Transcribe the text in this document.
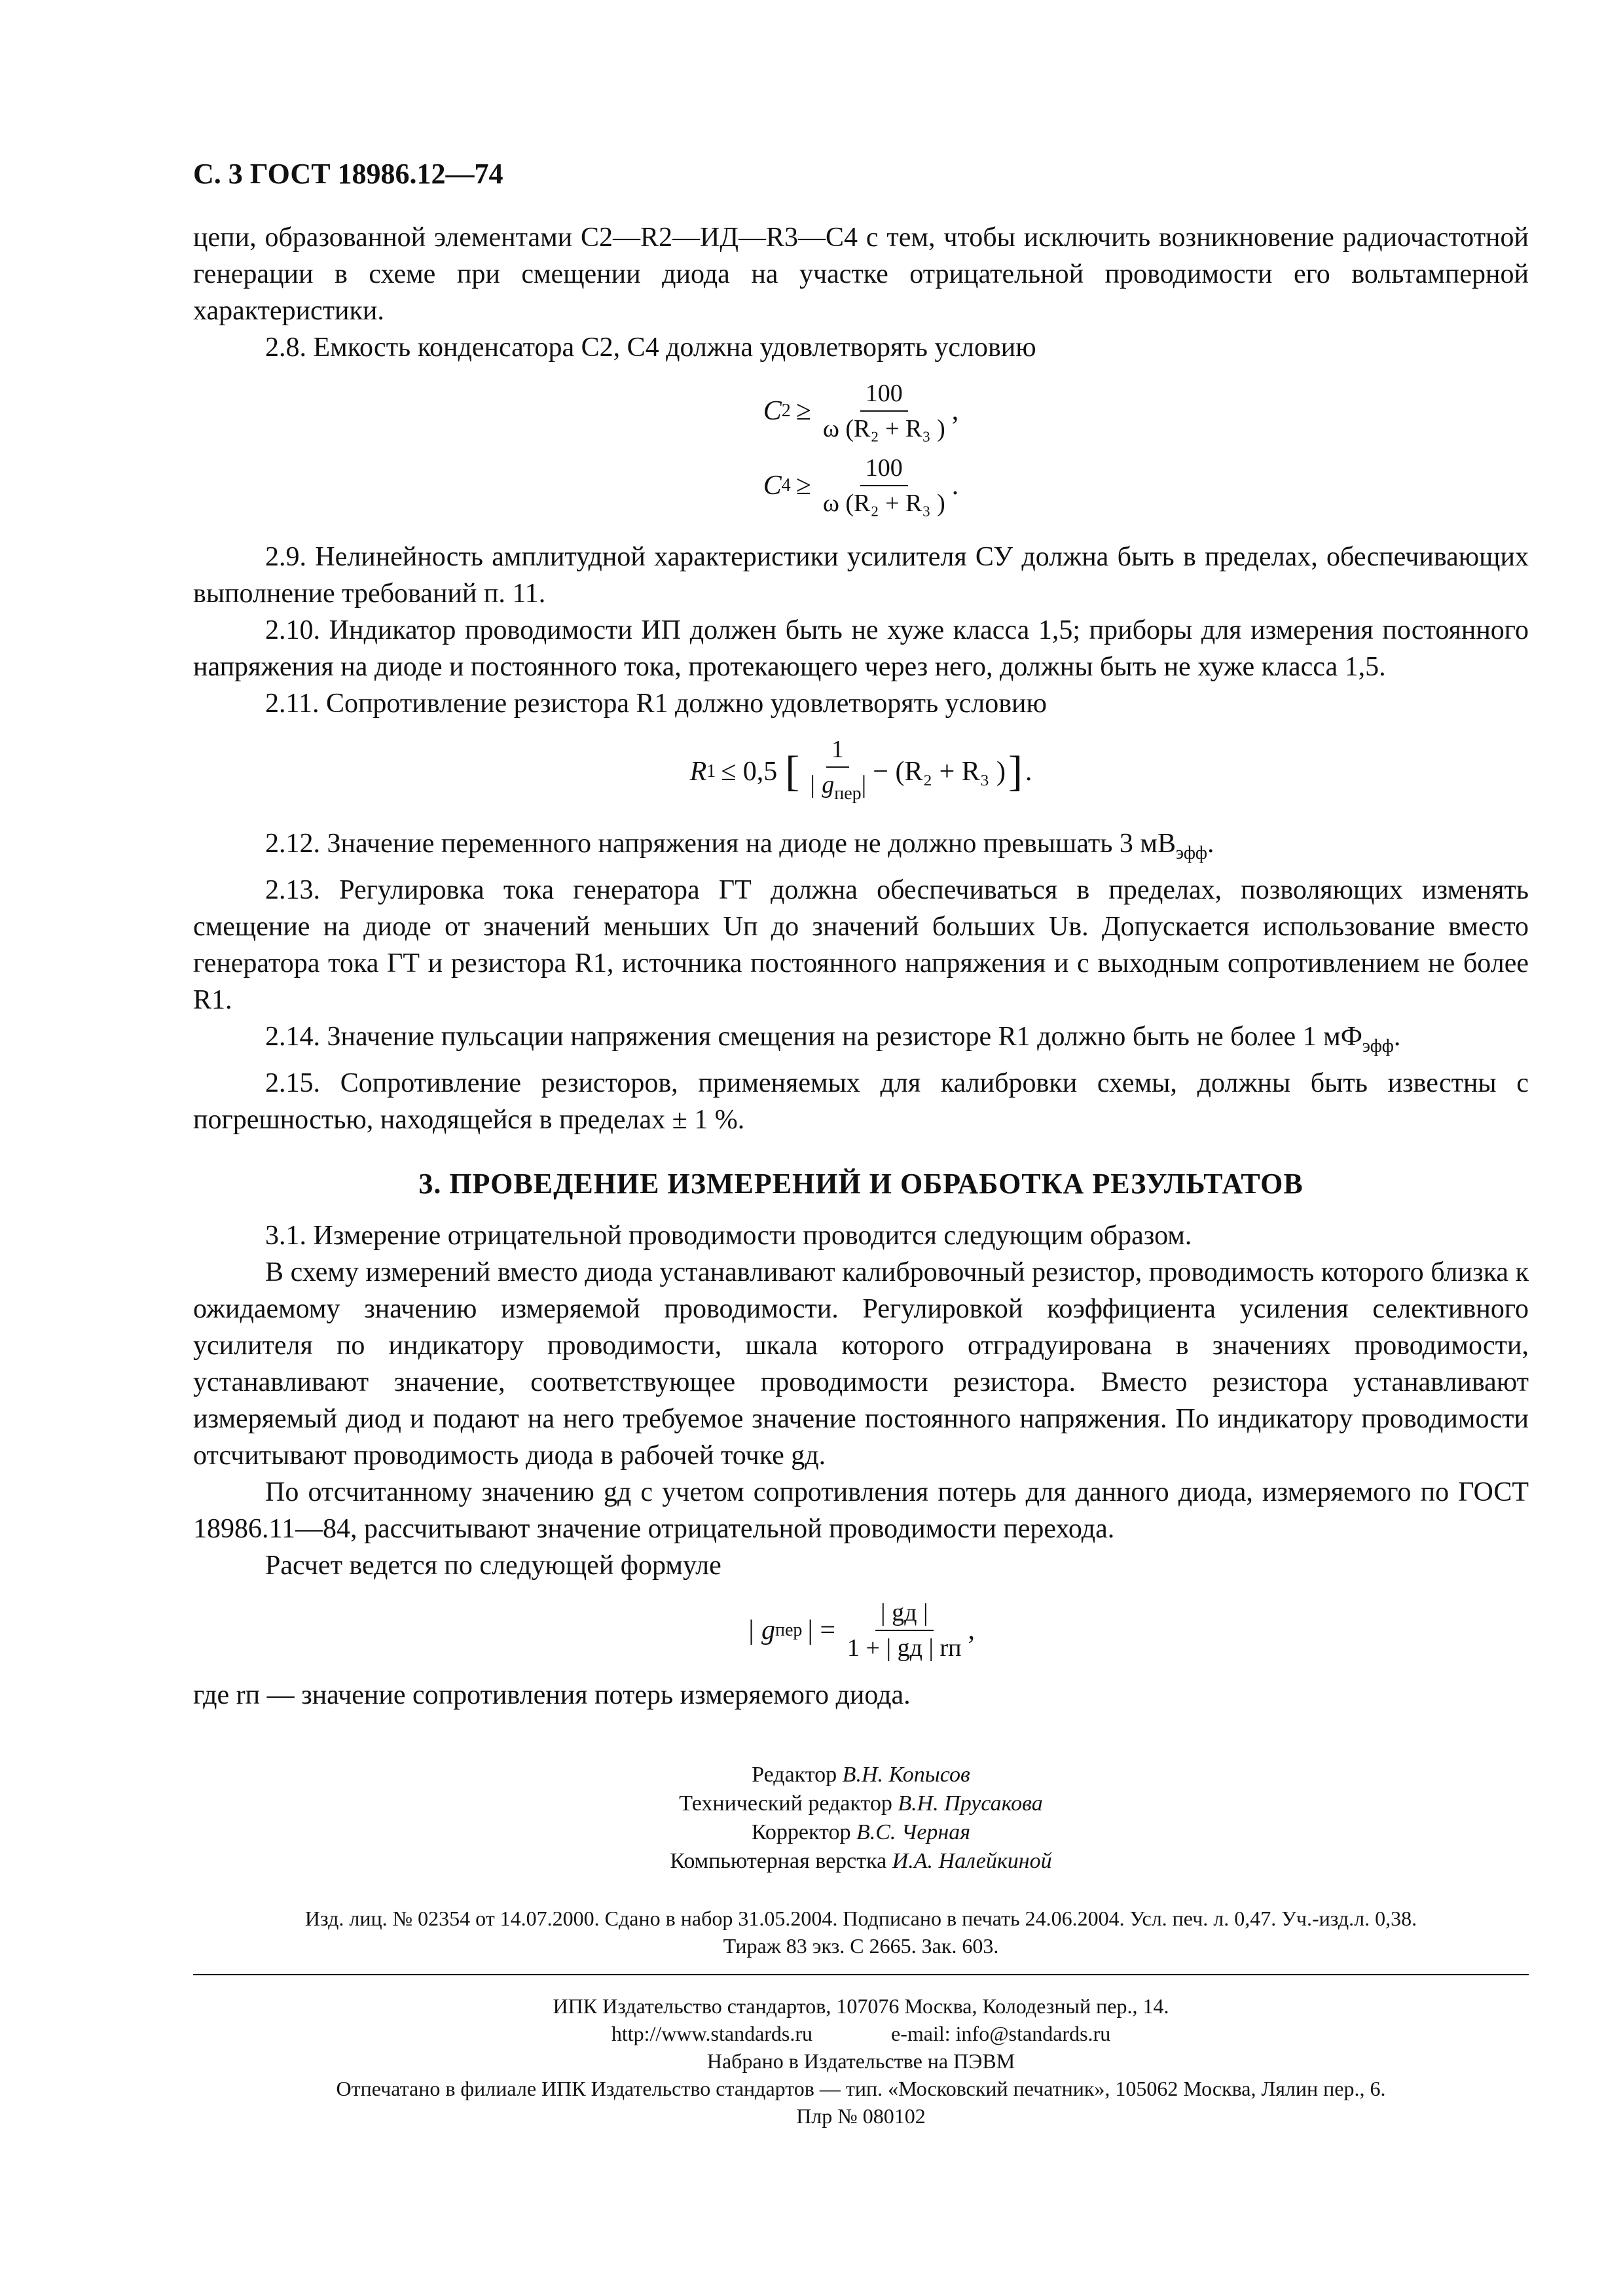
С. 3 ГОСТ 18986.12—74

цепи, образованной элементами C2—R2—ИД—R3—C4 с тем, чтобы исключить возникновение радиочастотной генерации в схеме при смещении диода на участке отрицательной проводимости его вольтамперной характеристики.

2.8. Емкость конденсатора C2, C4 должна удовлетворять условию

C $2 \ge \frac{100}{\text{ω (R₂ + R₃ )}}$ ,
C $4 \ge \frac{100}{\text{ω (R₂ + R₃ )}}$ .

2.9. Нелинейность амплитудной характеристики усилителя СУ должна быть в пределах, обеспечивающих выполнение требований п. 11.

2.10. Индикатор проводимости ИП должен быть не хуже класса 1,5; приборы для измерения постоянного напряжения на диоде и постоянного тока, протекающего через него, должны быть не хуже класса 1,5.

2.11. Сопротивление резистора R1 должно удовлетворять условию

R 1 ≤ 0,5 [ $\frac{1}{| g_{пер}|} - (R_2 + R_3$ ) ] .

2.12. Значение переменного напряжения на диоде не должно превышать 3 $мВ_{эфф}$.

2.13. Регулировка тока генератора ГТ должна обеспечиваться в пределах, позволяющих изменять смещение на диоде от значений меньших Uп до значений больших Uв. Допускается использование вместо генератора тока ГТ и резистора R1, источника постоянного напряжения и с выходным сопротивлением не более R1.

2.14. Значение пульсации напряжения смещения на резисторе R1 должно быть не более 1 $мФ_{эфф}$.

2.15. Сопротивление резисторов, применяемых для калибровки схемы, должны быть известны с погрешностью, находящейся в пределах ± 1 %.

3. ПРОВЕДЕНИЕ ИЗМЕРЕНИЙ И ОБРАБОТКА РЕЗУЛЬТАТОВ

3.1. Измерение отрицательной проводимости проводится следующим образом.

В схему измерений вместо диода устанавливают калибровочный резистор, проводимость которого близка к ожидаемому значению измеряемой проводимости. Регулировкой коэффициента усиления селективного усилителя по индикатору проводимости, шкала которого отградуирована в значениях проводимости, устанавливают значение, соответствующее проводимости резистора. Вместо резистора устанавливают измеряемый диод и подают на него требуемое значение постоянного напряжения. По индикатору проводимости отсчитывают проводимость диода в рабочей точке gд.

По отсчитанному значению gд с учетом сопротивления потерь для данного диода, измеряемого по ГОСТ 18986.11—84, рассчитывают значение отрицательной проводимости перехода.

Расчет ведется по следующей формуле

| g пер | = $\frac{| gд |}{1 + | gд | rп}$ ,

где rп — значение сопротивления потерь измеряемого диода.

Редактор В.Н. Копысов
Технический редактор В.Н. Прусакова
Корректор В.С. Черная
Компьютерная верстка И.А. Налейкиной
Изд. лиц. № 02354 от 14.07.2000. Сдано в набор 31.05.2004. Подписано в печать 24.06.2004. Усл. печ. л. 0,47. Уч.-изд.л. 0,38.
Тираж 83 экз. С 2665. Зак. 603.
ИПК Издательство стандартов, 107076 Москва, Колодезный пер., 14.
http://www.standards.ru	e-mail: info@standards.ru
Набрано в Издательстве на ПЭВМ
Отпечатано в филиале ИПК Издательство стандартов — тип. «Московский печатник», 105062 Москва, Лялин пер., 6.
Плр № 080102
